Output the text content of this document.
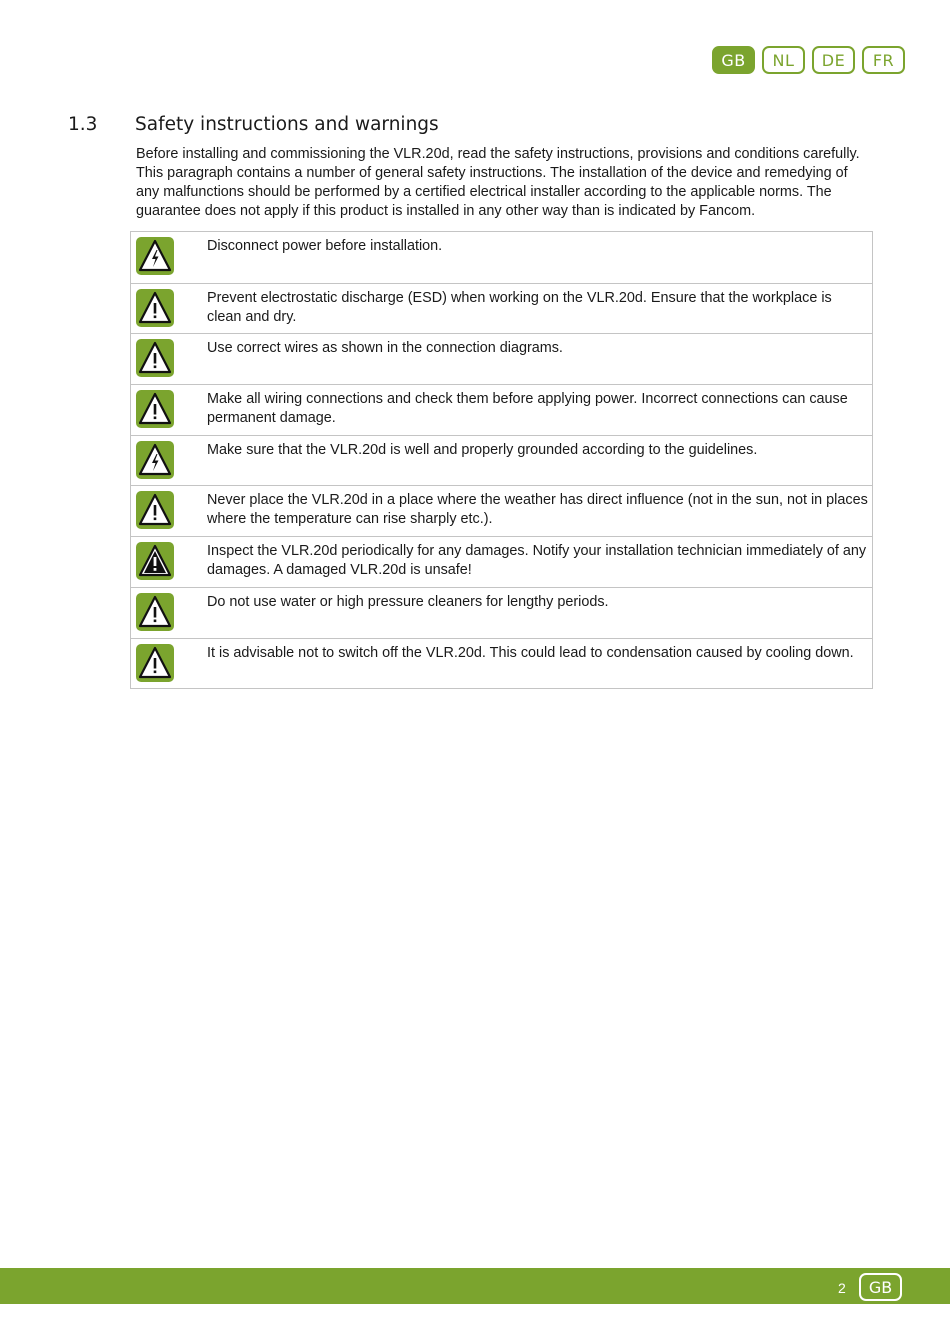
GB	NL	DE	FR
1.3 Safety instructions and warnings
Before installing and commissioning the VLR.20d, read the safety instructions, provisions and conditions carefully. This paragraph contains a number of general safety instructions. The installation of the device and remedying of any malfunctions should be performed by a certified electrical installer according to the applicable norms. The guarantee does not apply if this product is installed in any other way than is indicated by Fancom.
Disconnect power before installation.
Prevent electrostatic discharge (ESD) when working on the VLR.20d. Ensure that the workplace is clean and dry.
Use correct wires as shown in the connection diagrams.
Make all wiring connections and check them before applying power. Incorrect connections can cause permanent damage.
Make sure that the VLR.20d is well and properly grounded according to the guidelines.
Never place the VLR.20d in a place where the weather has direct influence (not in the sun, not in places where the temperature can rise sharply etc.).
Inspect the VLR.20d periodically for any damages. Notify your installation technician immediately of any damages. A damaged VLR.20d is unsafe!
Do not use water or high pressure cleaners for lengthy periods.
It is advisable not to switch off the VLR.20d. This could lead to condensation caused by cooling down.
2	GB
